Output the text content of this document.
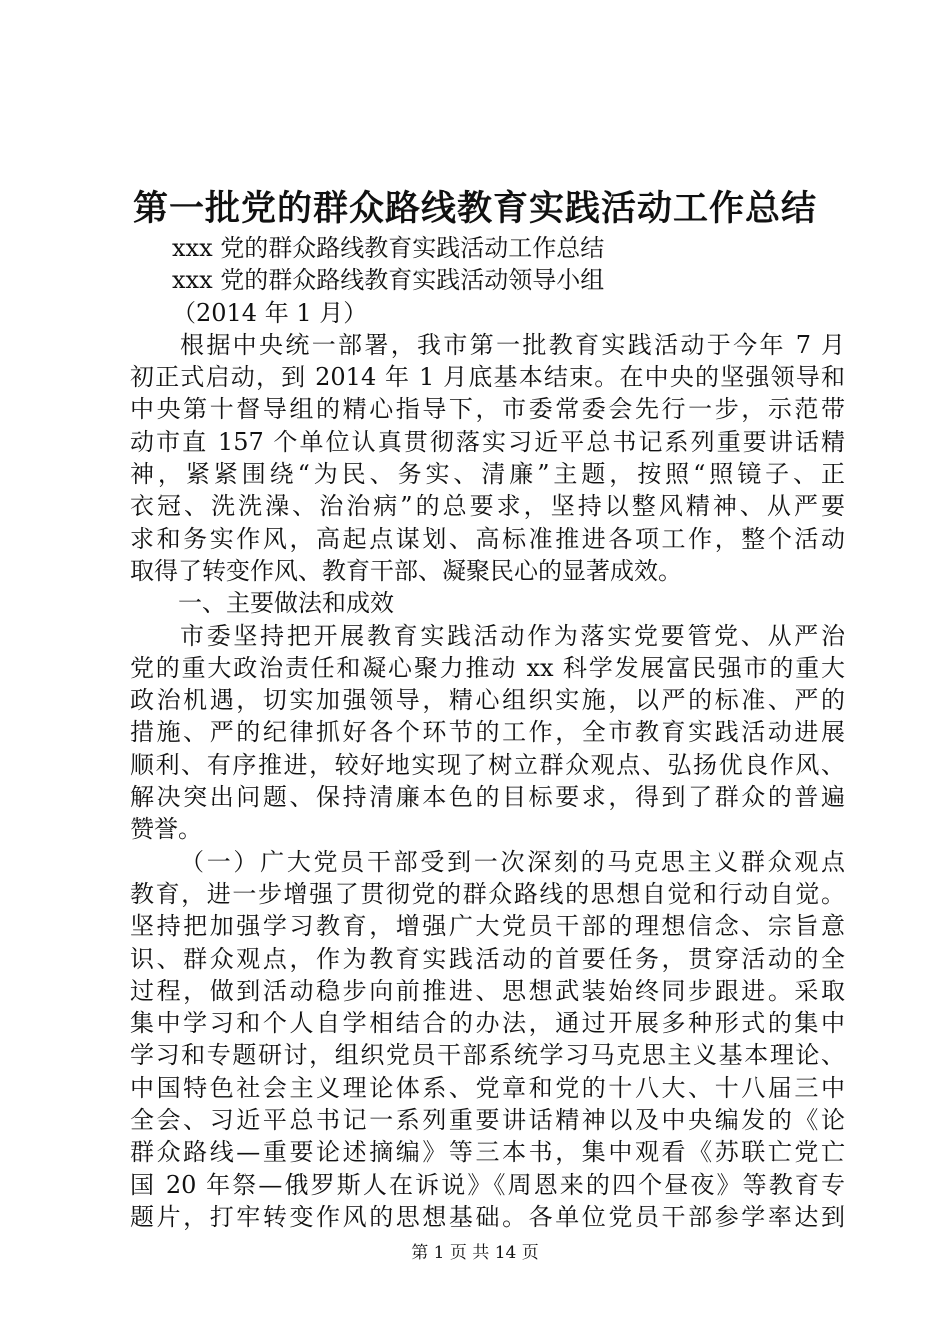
第一批党的群众路线教育实践活动工作总结
xxx 党的群众路线教育实践活动工作总结
xxx 党的群众路线教育实践活动领导小组
（2014 年 1 月）
根据中央统一部署，我市第一批教育实践活动于今年 7 月
初正式启动，到 2014 年 1 月底基本结束。在中央的坚强领导和
中央第十督导组的精心指导下，市委常委会先行一步，示范带
动市直 157 个单位认真贯彻落实习近平总书记系列重要讲话精
神，紧紧围绕“为民、务实、清廉”主题，按照“照镜子、正
衣冠、洗洗澡、治治病”的总要求，坚持以整风精神、从严要
求和务实作风，高起点谋划、高标准推进各项工作，整个活动
取得了转变作风、教育干部、凝聚民心的显著成效。
一、主要做法和成效
市委坚持把开展教育实践活动作为落实党要管党、从严治
党的重大政治责任和凝心聚力推动 xx 科学发展富民强市的重大
政治机遇，切实加强领导，精心组织实施，以严的标准、严的
措施、严的纪律抓好各个环节的工作，全市教育实践活动进展
顺利、有序推进，较好地实现了树立群众观点、弘扬优良作风、
解决突出问题、保持清廉本色的目标要求，得到了群众的普遍
赞誉。
（一）广大党员干部受到一次深刻的马克思主义群众观点
教育，进一步增强了贯彻党的群众路线的思想自觉和行动自觉。
坚持把加强学习教育，增强广大党员干部的理想信念、宗旨意
识、群众观点，作为教育实践活动的首要任务，贯穿活动的全
过程，做到活动稳步向前推进、思想武装始终同步跟进。采取
集中学习和个人自学相结合的办法，通过开展多种形式的集中
学习和专题研讨，组织党员干部系统学习马克思主义基本理论、
中国特色社会主义理论体系、党章和党的十八大、十八届三中
全会、习近平总书记一系列重要讲话精神以及中央编发的《论
群众路线—重要论述摘编》等三本书，集中观看《苏联亡党亡
国 20 年祭—俄罗斯人在诉说》《周恩来的四个昼夜》等教育专
题片，打牢转变作风的思想基础。各单位党员干部参学率达到
第 1 页 共 14 页
